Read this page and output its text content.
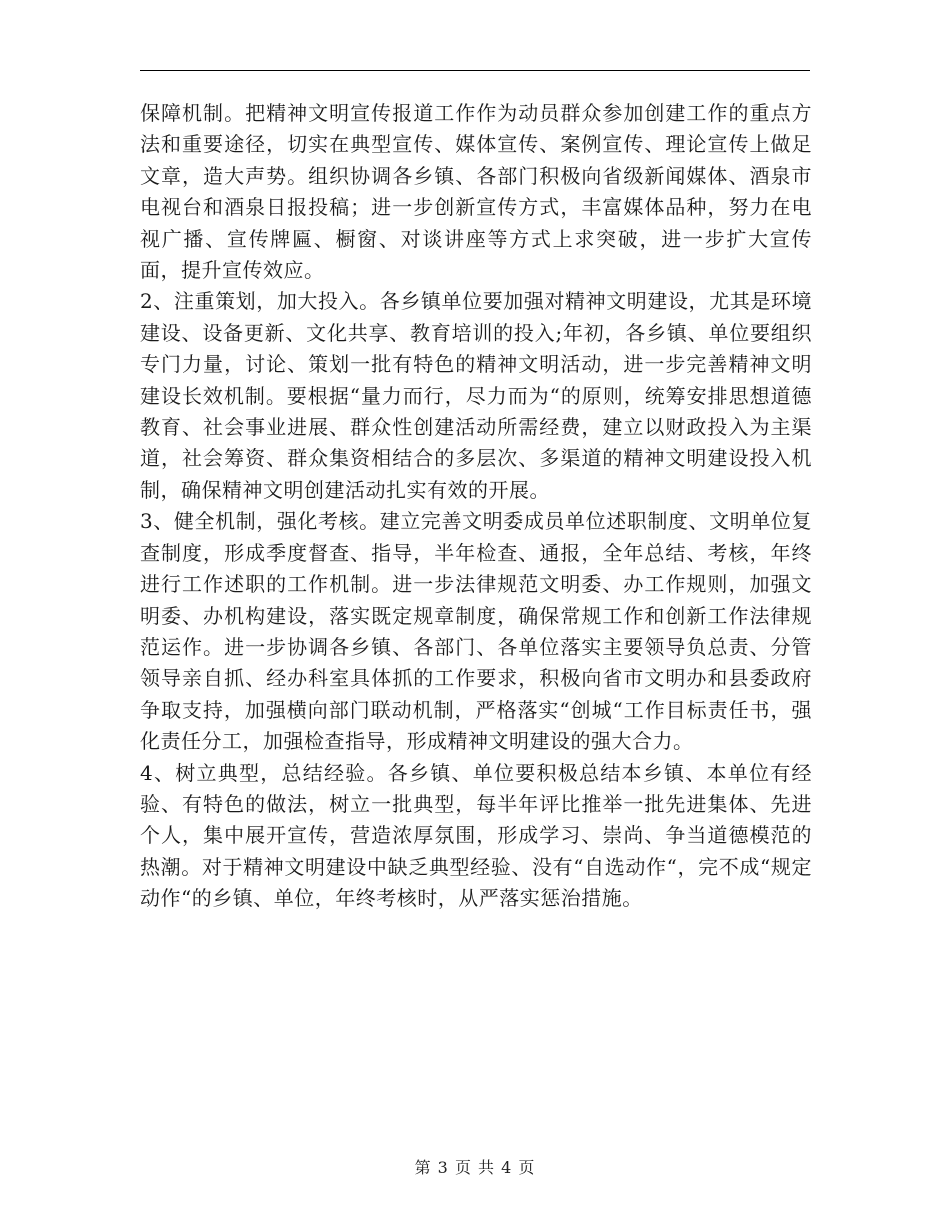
保障机制。把精神文明宣传报道工作作为动员群众参加创建工作的重点方法和重要途径，切实在典型宣传、媒体宣传、案例宣传、理论宣传上做足文章，造大声势。组织协调各乡镇、各部门积极向省级新闻媒体、酒泉市电视台和酒泉日报投稿；进一步创新宣传方式，丰富媒体品种，努力在电视广播、宣传牌匾、橱窗、对谈讲座等方式上求突破，进一步扩大宣传面，提升宣传效应。

2、注重策划，加大投入。各乡镇单位要加强对精神文明建设，尤其是环境建设、设备更新、文化共享、教育培训的投入;年初，各乡镇、单位要组织专门力量，讨论、策划一批有特色的精神文明活动，进一步完善精神文明建设长效机制。要根据“量力而行，尽力而为“的原则，统筹安排思想道德教育、社会事业进展、群众性创建活动所需经费，建立以财政投入为主渠道，社会筹资、群众集资相结合的多层次、多渠道的精神文明建设投入机制，确保精神文明创建活动扎实有效的开展。

3、健全机制，强化考核。建立完善文明委成员单位述职制度、文明单位复查制度，形成季度督查、指导，半年检查、通报，全年总结、考核，年终进行工作述职的工作机制。进一步法律规范文明委、办工作规则，加强文明委、办机构建设，落实既定规章制度，确保常规工作和创新工作法律规范运作。进一步协调各乡镇、各部门、各单位落实主要领导负总责、分管领导亲自抓、经办科室具体抓的工作要求，积极向省市文明办和县委政府争取支持，加强横向部门联动机制，严格落实“创城“工作目标责任书，强化责任分工，加强检查指导，形成精神文明建设的强大合力。

4、树立典型，总结经验。各乡镇、单位要积极总结本乡镇、本单位有经验、有特色的做法，树立一批典型，每半年评比推举一批先进集体、先进个人，集中展开宣传，营造浓厚氛围，形成学习、崇尚、争当道德模范的热潮。对于精神文明建设中缺乏典型经验、没有“自选动作“，完不成“规定动作“的乡镇、单位，年终考核时，从严落实惩治措施。

第 3 页 共 4 页
